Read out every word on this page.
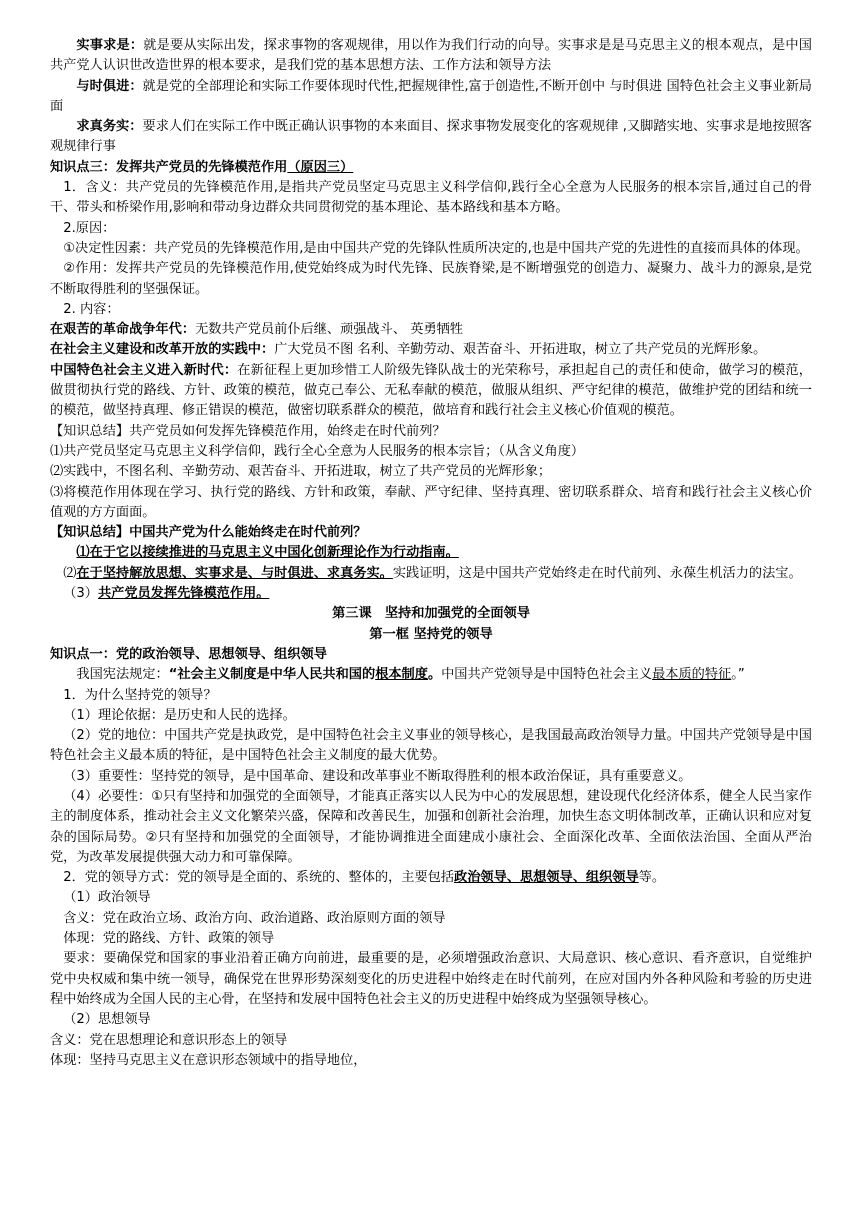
实事求是：就是要从实际出发，探求事物的客观规律，用以作为我们行动的向导。实事求是是马克思主义的根本观点，是中国共产党人认识世改造世界的根本要求，是我们党的基本思想方法、工作方法和领导方法

与时俱进：就是党的全部理论和实际工作要体现时代性,把握规律性,富于创造性,不断开创中 与时俱进 国特色社会主义事业新局面

求真务实：要求人们在实际工作中既正确认识事物的本来面目、探求事物发展变化的客观规律 ,又脚踏实地、实事求是地按照客观规律行事

知识点三：发挥共产党员的先锋模范作用（原因三）

1．含义：共产党员的先锋模范作用,是指共产党员坚定马克思主义科学信仰,践行全心全意为人民服务的根本宗旨,通过自己的骨干、带头和桥梁作用,影响和带动身边群众共同贯彻党的基本理论、基本路线和基本方略。

2.原因：

①决定性因素：共产党员的先锋模范作用,是由中国共产党的先锋队性质所决定的,也是中国共产党的先进性的直接而具体的体现。

②作用：发挥共产党员的先锋模范作用,使党始终成为时代先锋、民族脊梁,是不断增强党的创造力、凝聚力、战斗力的源泉,是党不断取得胜利的坚强保证。

2. 内容：

在艰苦的革命战争年代：无数共产党员前仆后继、顽强战斗、 英勇牺牲

在社会主义建设和改革开放的实践中：广大党员不图 名利、辛勤劳动、艰苦奋斗、开拓进取，树立了共产党员的光辉形象。

中国特色社会主义进入新时代：在新征程上更加珍惜工人阶级先锋队战士的光荣称号，承担起自己的责任和使命，做学习的模范，做贯彻执行党的路线、方针、政策的模范，做克己奉公、无私奉献的模范，做服从组织、严守纪律的模范，做维护党的团结和统一的模范，做坚持真理、修正错误的模范，做密切联系群众的模范，做培育和践行社会主义核心价值观的模范。

【知识总结】共产党员如何发挥先锋模范作用，始终走在时代前列？

⑴共产党员坚定马克思主义科学信仰，践行全心全意为人民服务的根本宗旨；（从含义角度）

⑵实践中，不图名利、辛勤劳动、艰苦奋斗、开拓进取，树立了共产党员的光辉形象；

⑶将模范作用体现在学习、执行党的路线、方针和政策，奉献、严守纪律、坚持真理、密切联系群众、培育和践行社会主义核心价值观的方方面面。

【知识总结】中国共产党为什么能始终走在时代前列？

⑴在于它以接续推进的马克思主义中国化创新理论作为行动指南。

⑵在于坚持解放思想、实事求是、与时俱进、求真务实。实践证明，这是中国共产党始终走在时代前列、永葆生机活力的法宝。

（3）共产党员发挥先锋模范作用。

第三课　坚持和加强党的全面领导

第一框 坚持党的领导

知识点一：党的政治领导、思想领导、组织领导

我国宪法规定：“社会主义制度是中华人民共和国的根本制度。中国共产党领导是中国特色社会主义最本质的特征。”

1．为什么坚持党的领导？

（1）理论依据：是历史和人民的选择。

（2）党的地位：中国共产党是执政党，是中国特色社会主义事业的领导核心，是我国最高政治领导力量。中国共产党领导是中国特色社会主义最本质的特征，是中国特色社会主义制度的最大优势。

（3）重要性：坚持党的领导，是中国革命、建设和改革事业不断取得胜利的根本政治保证，具有重要意义。

（4）必要性：①只有坚持和加强党的全面领导，才能真正落实以人民为中心的发展思想，建设现代化经济体系，健全人民当家作主的制度体系，推动社会主义文化繁荣兴盛，保障和改善民生，加强和创新社会治理，加快生态文明体制改革，正确认识和应对复杂的国际局势。②只有坚持和加强党的全面领导，才能协调推进全面建成小康社会、全面深化改革、全面依法治国、全面从严治党，为改革发展提供强大动力和可靠保障。

2．党的领导方式：党的领导是全面的、系统的、整体的，主要包括政治领导、思想领导、组织领导等。

（1）政治领导

含义：党在政治立场、政治方向、政治道路、政治原则方面的领导

体现：党的路线、方针、政策的领导

要求：要确保党和国家的事业沿着正确方向前进，最重要的是，必须增强政治意识、大局意识、核心意识、看齐意识，自觉维护党中央权威和集中统一领导，确保党在世界形势深刻变化的历史进程中始终走在时代前列，在应对国内外各种风险和考验的历史进程中始终成为全国人民的主心骨，在坚持和发展中国特色社会主义的历史进程中始终成为坚强领导核心。

（2）思想领导

含义：党在思想理论和意识形态上的领导

体现：坚持马克思主义在意识形态领域中的指导地位，
